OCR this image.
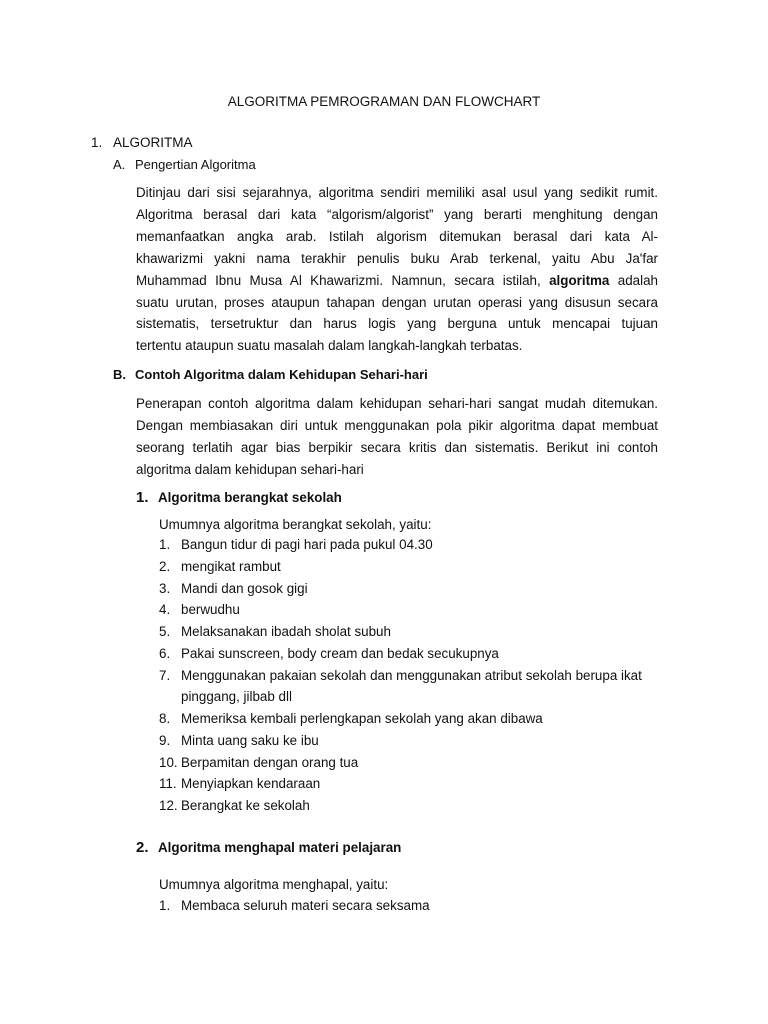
ALGORITMA PEMROGRAMAN DAN FLOWCHART
1. ALGORITMA
A. Pengertian Algoritma
Ditinjau dari sisi sejarahnya, algoritma sendiri memiliki asal usul yang sedikit rumit.
Algoritma berasal dari kata “algorism/algorist” yang berarti menghitung dengan
memanfaatkan angka arab. Istilah algorism ditemukan berasal dari kata Al-
khawarizmi yakni nama terakhir penulis buku Arab terkenal, yaitu Abu Ja'far
Muhammad Ibnu Musa Al Khawarizmi. Namnun, secara istilah, algoritma adalah
suatu urutan, proses ataupun tahapan dengan urutan operasi yang disusun secara
sistematis, tersetruktur dan harus logis yang berguna untuk mencapai tujuan
tertentu ataupun suatu masalah dalam langkah-langkah terbatas.
B. Contoh Algoritma dalam Kehidupan Sehari-hari
Penerapan contoh algoritma dalam kehidupan sehari-hari sangat mudah ditemukan.
Dengan membiasakan diri untuk menggunakan pola pikir algoritma dapat membuat
seorang terlatih agar bias berpikir secara kritis dan sistematis. Berikut ini contoh
algoritma dalam kehidupan sehari-hari
1. Algoritma berangkat sekolah
Umumnya algoritma berangkat sekolah, yaitu:
1. Bangun tidur di pagi hari pada pukul 04.30
2. mengikat rambut
3. Mandi dan gosok gigi
4. berwudhu
5. Melaksanakan ibadah sholat subuh
6. Pakai sunscreen, body cream dan bedak secukupnya
7. Menggunakan pakaian sekolah dan menggunakan atribut sekolah berupa ikat pinggang, jilbab dll
8. Memeriksa kembali perlengkapan sekolah yang akan dibawa
9. Minta uang saku ke ibu
10. Berpamitan dengan orang tua
11. Menyiapkan kendaraan
12. Berangkat ke sekolah
2. Algoritma menghapal materi pelajaran
Umumnya algoritma menghapal, yaitu:
1. Membaca seluruh materi secara seksama
